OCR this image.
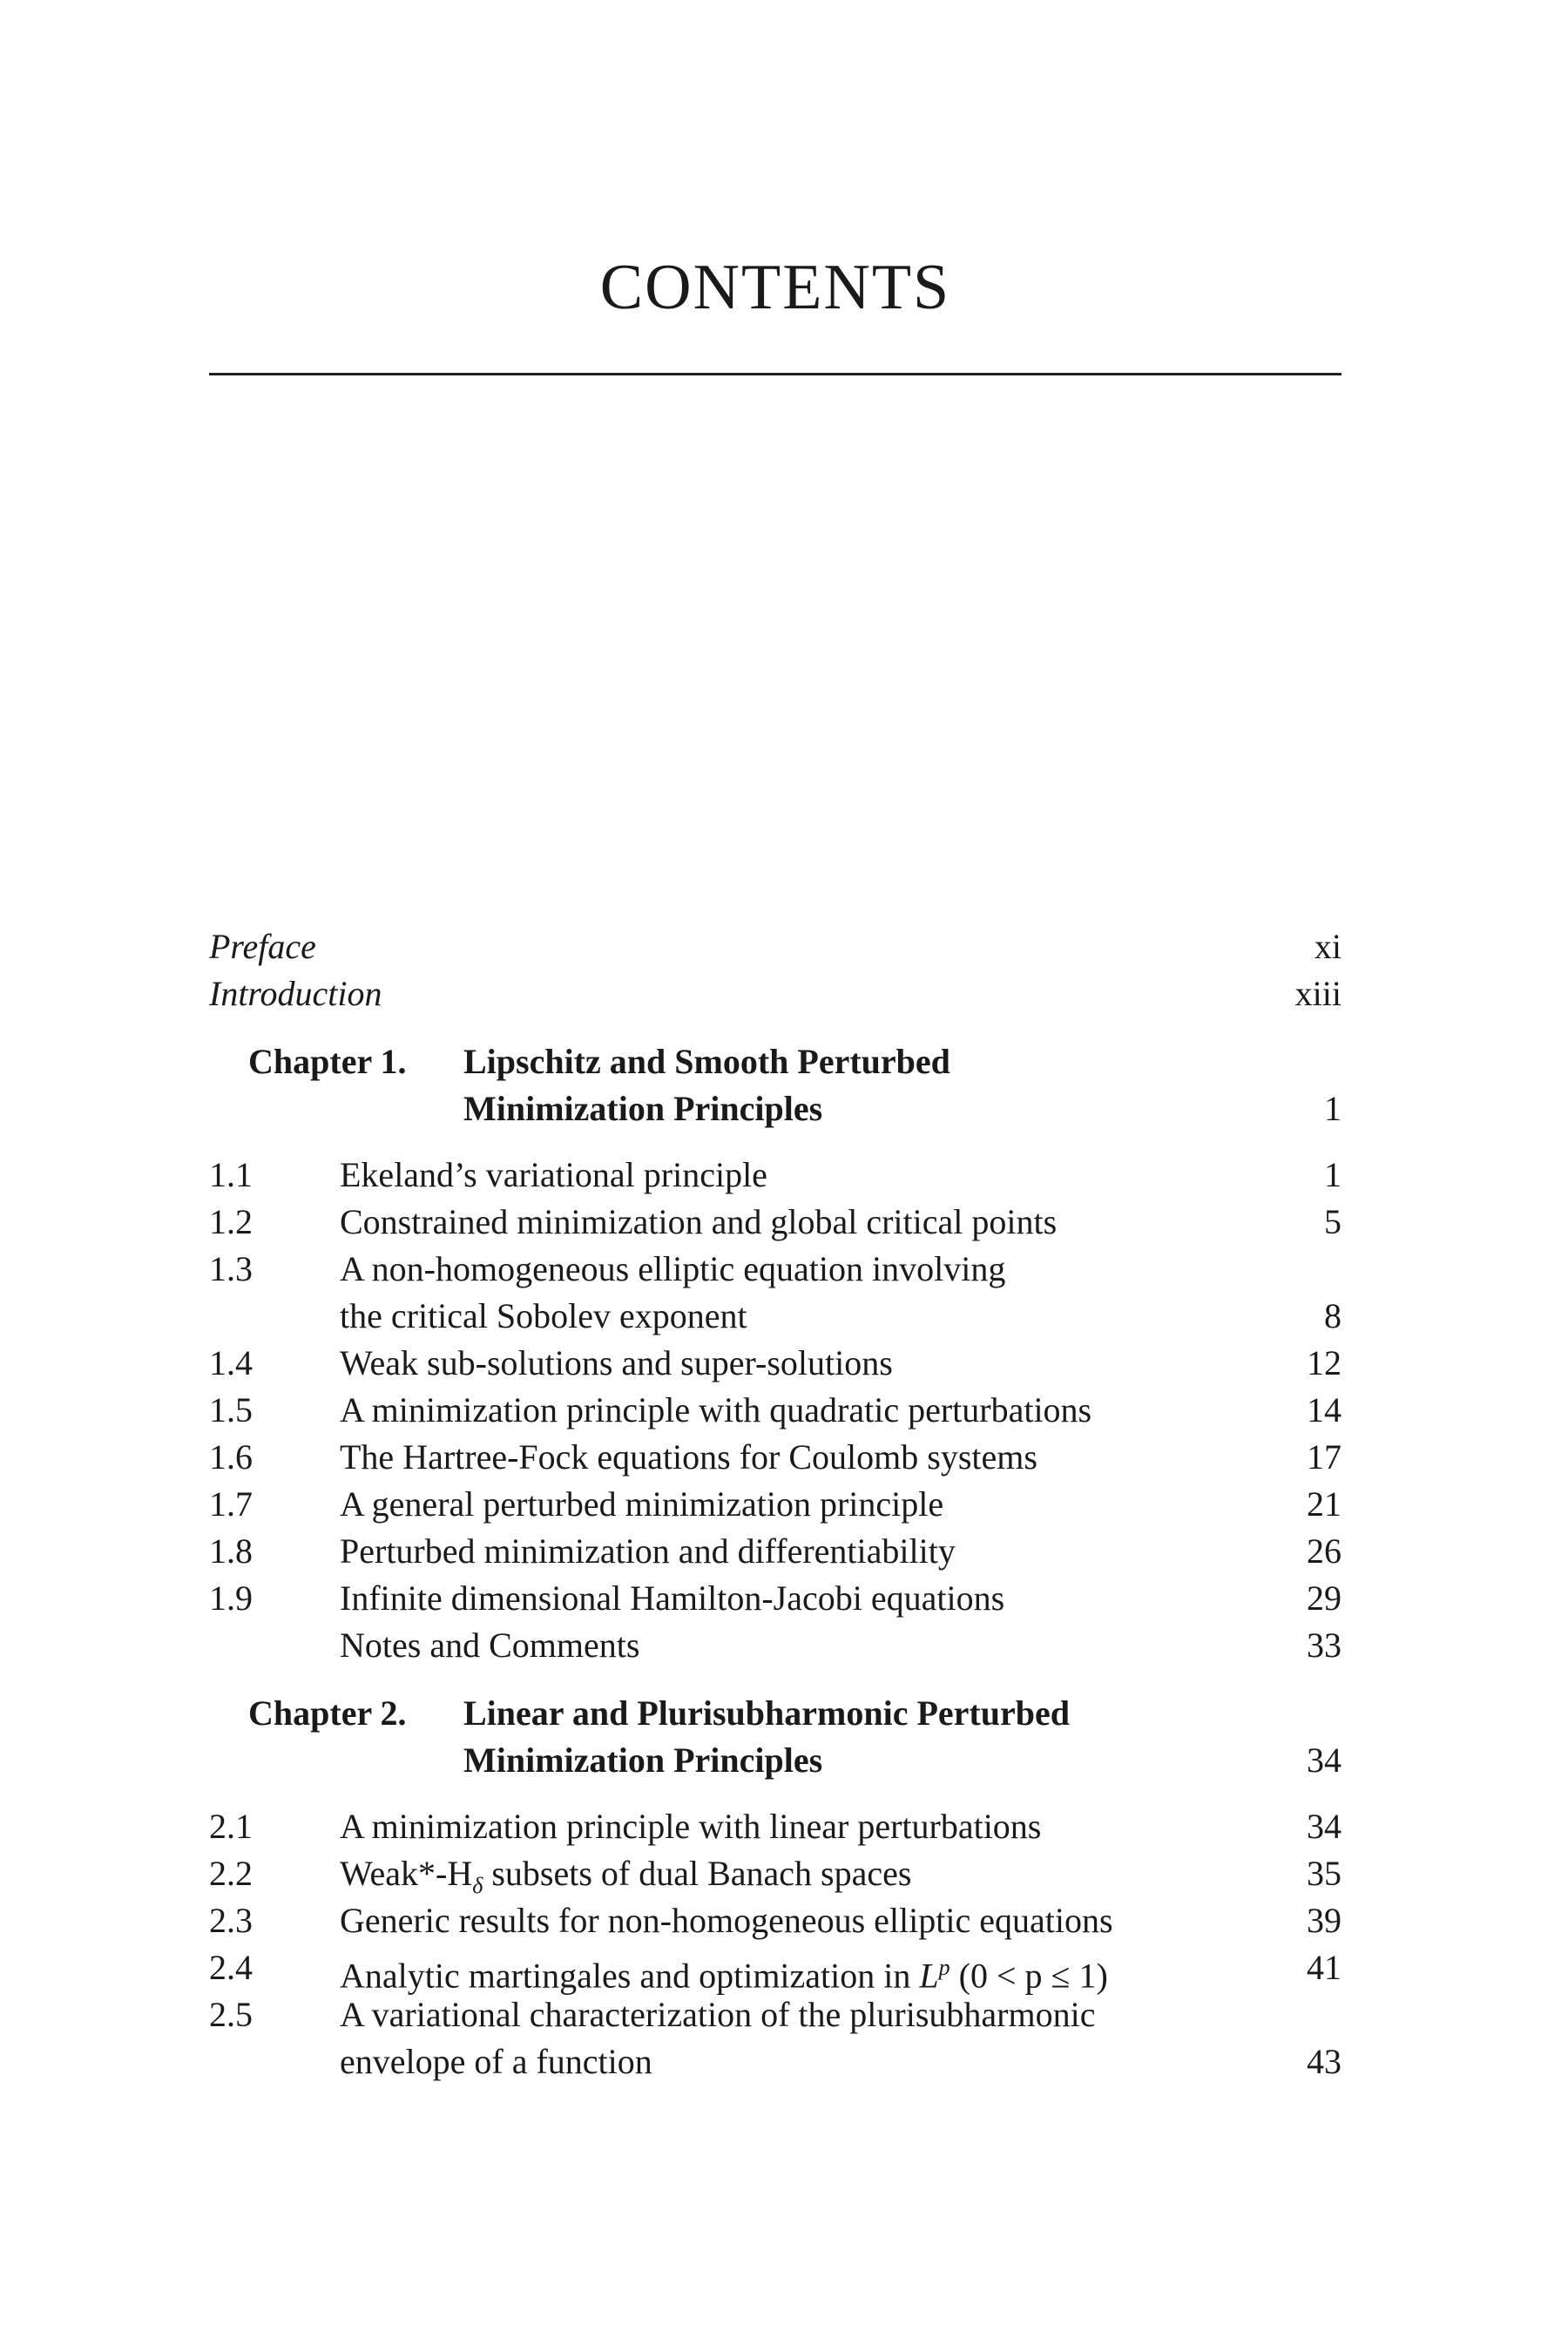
CONTENTS
Preface	xi
Introduction	xiii
Chapter 1. Lipschitz and Smooth Perturbed
Minimization Principles	1
1.1	Ekeland’s variational principle	1
1.2	Constrained minimization and global critical points	5
1.3	A non-homogeneous elliptic equation involving
the critical Sobolev exponent	8
1.4	Weak sub-solutions and super-solutions	12
1.5	A minimization principle with quadratic perturbations	14
1.6	The Hartree-Fock equations for Coulomb systems	17
1.7	A general perturbed minimization principle	21
1.8	Perturbed minimization and differentiability	26
1.9	Infinite dimensional Hamilton-Jacobi equations	29
Notes and Comments	33
Chapter 2. Linear and Plurisubharmonic Perturbed
Minimization Principles	34
2.1	A minimization principle with linear perturbations	34
2.2	$Weak*-H_\delta$ subsets of dual Banach spaces	35
2.3	Generic results for non-homogeneous elliptic equations	39
2.4	Analytic martingales and optimization in $L^p$ (0 < p ≤ 1)	41
2.5	A variational characterization of the plurisubharmonic
envelope of a function	43
